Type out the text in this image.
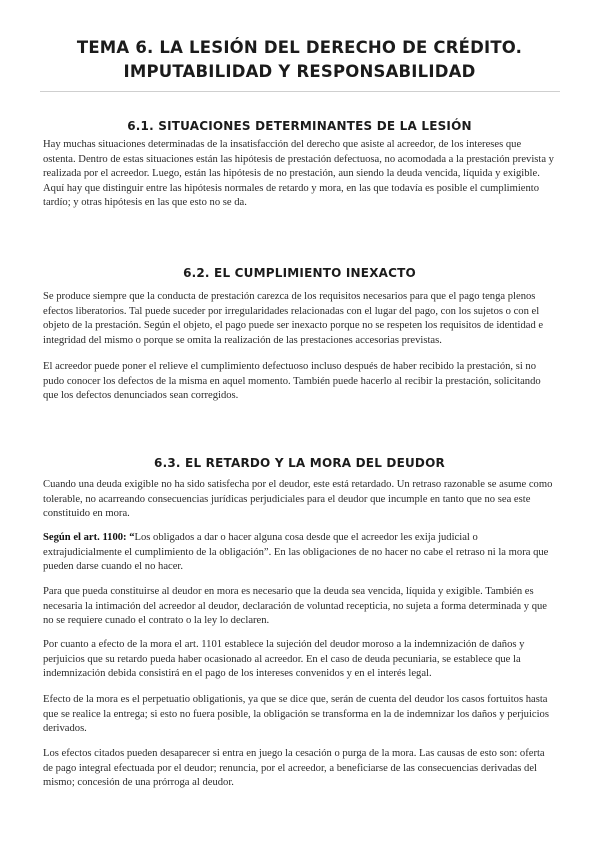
TEMA 6. LA LESIÓN DEL DERECHO DE CRÉDITO. IMPUTABILIDAD Y RESPONSABILIDAD
6.1. SITUACIONES DETERMINANTES DE LA LESIÓN

Hay muchas situaciones determinadas de la insatisfacción del derecho que asiste al acreedor, de los intereses que ostenta. Dentro de estas situaciones están las hipótesis de prestación defectuosa, no acomodada a la prestación prevista y realizada por el acreedor. Luego, están las hipótesis de no prestación, aun siendo la deuda vencida, líquida y exigible. Aquí hay que distinguir entre las hipótesis normales de retardo y mora, en las que todavía es posible el cumplimiento tardío; y otras hipótesis en las que esto no se da.

6.2. EL CUMPLIMIENTO INEXACTO

Se produce siempre que la conducta de prestación carezca de los requisitos necesarios para que el pago tenga plenos efectos liberatorios. Tal puede suceder por irregularidades relacionadas con el lugar del pago, con los sujetos o con el objeto de la prestación. Según el objeto, el pago puede ser inexacto porque no se respeten los requisitos de identidad e integridad del mismo o porque se omita la realización de las prestaciones accesorias previstas.

El acreedor puede poner el relieve el cumplimiento defectuoso incluso después de haber recibido la prestación, si no pudo conocer los defectos de la misma en aquel momento. También puede hacerlo al recibir la prestación, solicitando que los defectos denunciados sean corregidos.

6.3. EL RETARDO Y LA MORA DEL DEUDOR

Cuando una deuda exigible no ha sido satisfecha por el deudor, este está retardado. Un retraso razonable se asume como tolerable, no acarreando consecuencias jurídicas perjudiciales para el deudor que incumple en tanto que no sea este constituido en mora.

Según el art. 1100: “Los obligados a dar o hacer alguna cosa desde que el acreedor les exija judicial o extrajudicialmente el cumplimiento de la obligación”. En las obligaciones de no hacer no cabe el retraso ni la mora que pueden darse cuando el no hacer.

Para que pueda constituirse al deudor en mora es necesario que la deuda sea vencida, líquida y exigible. También es necesaria la intimación del acreedor al deudor, declaración de voluntad recepticia, no sujeta a forma determinada y que no se requiere cunado el contrato o la ley lo declaren.

Por cuanto a efecto de la mora el art. 1101 establece la sujeción del deudor moroso a la indemnización de daños y perjuicios que su retardo pueda haber ocasionado al acreedor. En el caso de deuda pecuniaria, se establece que la indemnización debida consistirá en el pago de los intereses convenidos y en el interés legal.

Efecto de la mora es el perpetuatio obligationis, ya que se dice que, serán de cuenta del deudor los casos fortuitos hasta que se realice la entrega; si esto no fuera posible, la obligación se transforma en la de indemnizar los daños y perjuicios derivados.

Los efectos citados pueden desaparecer si entra en juego la cesación o purga de la mora. Las causas de esto son: oferta de pago integral efectuada por el deudor; renuncia, por el acreedor, a beneficiarse de las consecuencias derivadas del mismo; concesión de una prórroga al deudor.
